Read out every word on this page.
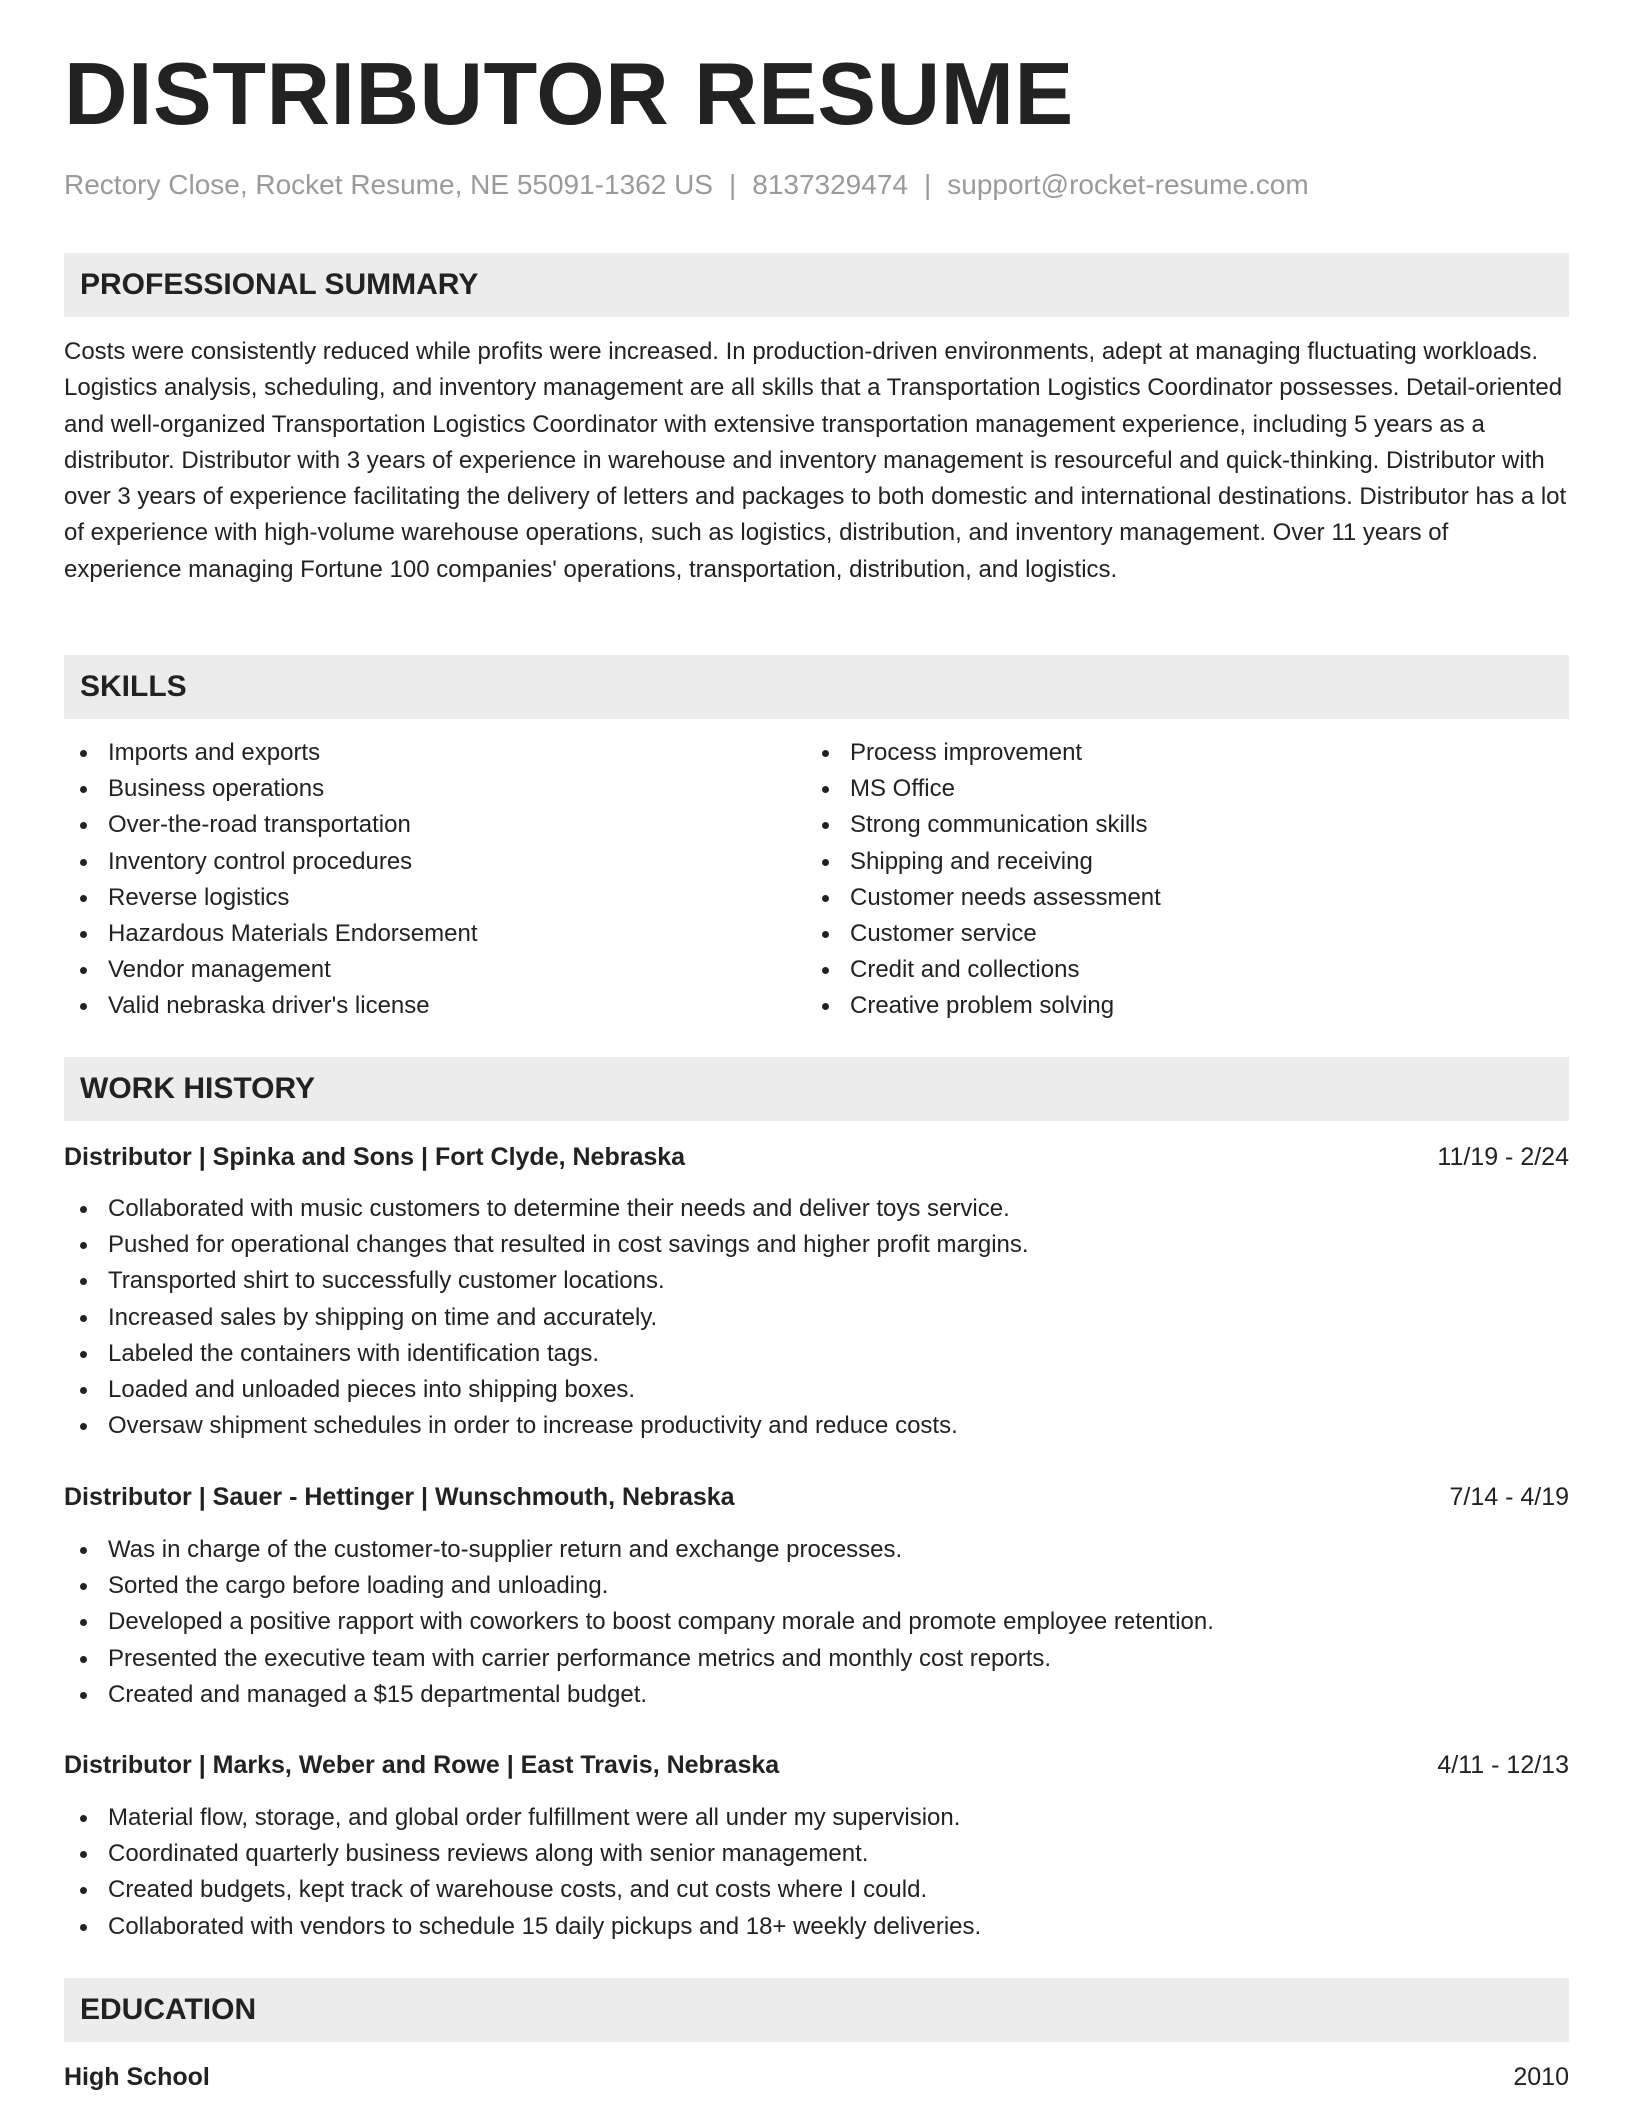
DISTRIBUTOR RESUME
Rectory Close, Rocket Resume, NE 55091-1362 US | 8137329474 | support@rocket-resume.com
PROFESSIONAL SUMMARY

Costs were consistently reduced while profits were increased. In production-driven environments, adept at managing fluctuating workloads. Logistics analysis, scheduling, and inventory management are all skills that a Transportation Logistics Coordinator possesses. Detail-oriented and well-organized Transportation Logistics Coordinator with extensive transportation management experience, including 5 years as a distributor. Distributor with 3 years of experience in warehouse and inventory management is resourceful and quick-thinking. Distributor with over 3 years of experience facilitating the delivery of letters and packages to both domestic and international destinations. Distributor has a lot of experience with high-volume warehouse operations, such as logistics, distribution, and inventory management. Over 11 years of experience managing Fortune 100 companies' operations, transportation, distribution, and logistics.

SKILLS
Imports and exports
Business operations
Over-the-road transportation
Inventory control procedures
Reverse logistics
Hazardous Materials Endorsement
Vendor management
Valid nebraska driver's license
Process improvement
MS Office
Strong communication skills
Shipping and receiving
Customer needs assessment
Customer service
Credit and collections
Creative problem solving
WORK HISTORY
Distributor | Spinka and Sons | Fort Clyde, Nebraska	11/19 - 2/24
Collaborated with music customers to determine their needs and deliver toys service.
Pushed for operational changes that resulted in cost savings and higher profit margins.
Transported shirt to successfully customer locations.
Increased sales by shipping on time and accurately.
Labeled the containers with identification tags.
Loaded and unloaded pieces into shipping boxes.
Oversaw shipment schedules in order to increase productivity and reduce costs.
Distributor | Sauer - Hettinger | Wunschmouth, Nebraska	7/14 - 4/19
Was in charge of the customer-to-supplier return and exchange processes.
Sorted the cargo before loading and unloading.
Developed a positive rapport with coworkers to boost company morale and promote employee retention.
Presented the executive team with carrier performance metrics and monthly cost reports.
Created and managed a $15 departmental budget.
Distributor | Marks, Weber and Rowe | East Travis, Nebraska	4/11 - 12/13
Material flow, storage, and global order fulfillment were all under my supervision.
Coordinated quarterly business reviews along with senior management.
Created budgets, kept track of warehouse costs, and cut costs where I could.
Collaborated with vendors to schedule 15 daily pickups and 18+ weekly deliveries.
EDUCATION
High School	2010
